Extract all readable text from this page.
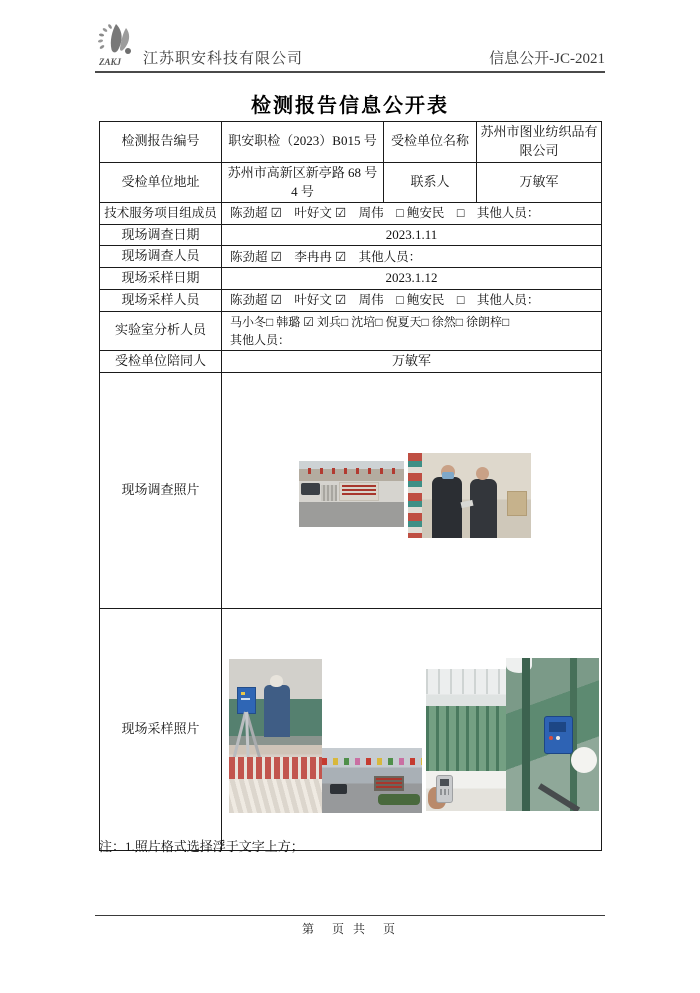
ZAKJ 江苏职安科技有限公司	信息公开-JC-2021
检测报告信息公开表
检测报告编号	职安职检（2023）B015 号	受检单位名称	苏州市图业纺织品有限公司
受检单位地址	苏州市高新区新亭路 68 号 4 号	联系人	万敏军
技术服务项目组成员	陈劲超 ☑　叶好文 ☑　周伟　□ 鲍安民　□　其他人员：		
现场调查日期	2023.1.11		
现场调查人员	陈劲超 ☑　李冉冉 ☑　其他人员：		
现场采样日期	2023.1.12		
现场采样人员	陈劲超 ☑　叶好文 ☑　周伟　□ 鲍安民　□　其他人员：		
实验室分析人员	马小冬□ 韩璐 ☑ 刘兵□ 沈培□ 倪夏天□ 徐然□ 徐朗梓□
其他人员：		

受检单位陪同人	万敏军		
现场调查照片			

现场采样照片			
注：1.照片格式选择浮于文字上方；
第　页 共　页
